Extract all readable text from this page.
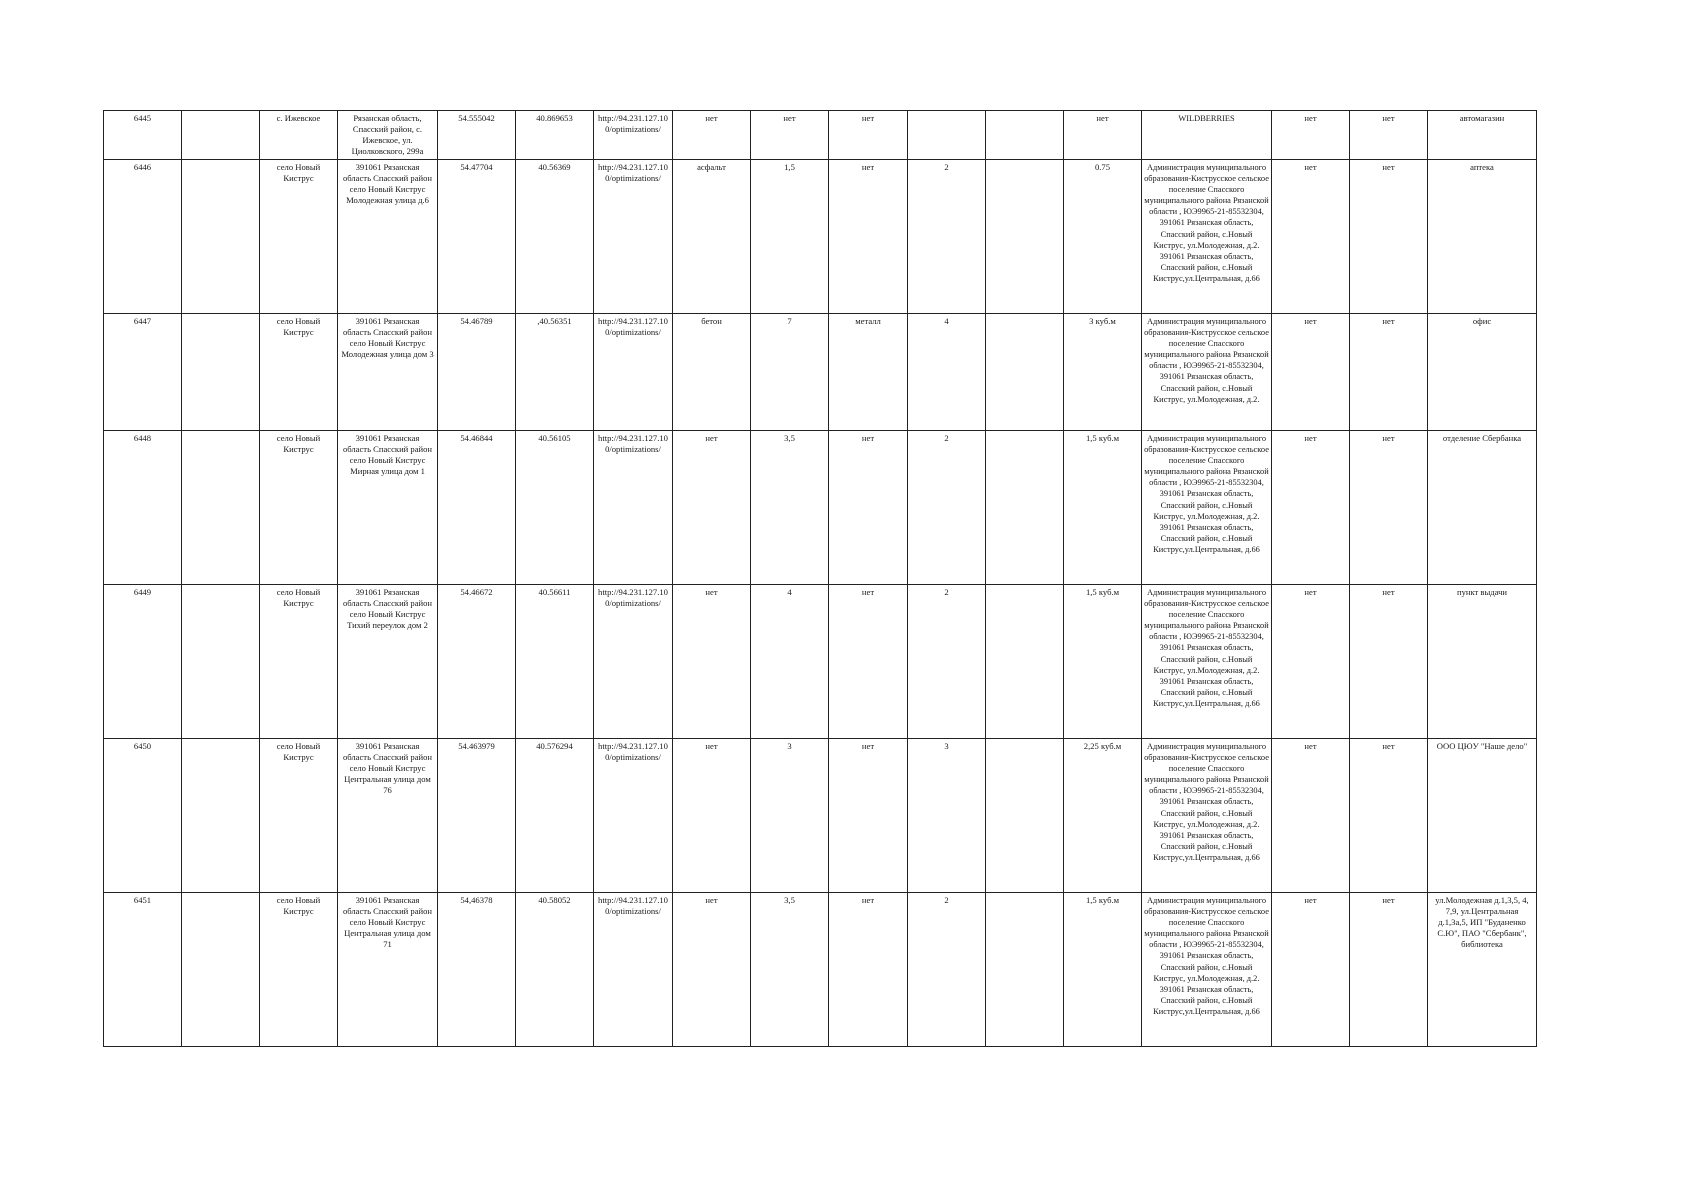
6445		с. Ижевское	Рязанская область, Спасский район, с. Ижевское, ул. Циолковского, 299а	54.555042	40.869653	http://94.231.127.100/optimizations/	нет	нет	нет			нет	WILDBERRIES	нет	нет	автомагазин
6446		село Новый Киструс	391061 Рязанская область Спасский район село Новый Киструс Молодежная улица д.6	54.47704	40.56369	http://94.231.127.100/optimizations/	асфальт	1,5	нет	2		0.75	Администрация муниципального образования-Киструсское сельское поселение Спасского муниципального района Рязанской области , ЮЭ9965-21-85532304, 391061 Рязанская область, Спасский район, с.Новый Киструс, ул.Молодежная, д.2. 391061 Рязанская область, Спасский район, с.Новый Киструс,ул.Центральная, д.66	нет	нет	аптека
6447		село Новый Киструс	391061 Рязанская область Спасский район село Новый Киструс Молодежная улица дом 3	54.46789	,40.56351	http://94.231.127.100/optimizations/	бетон	7	металл	4		3 куб.м	Администрация муниципального образования-Киструсское сельское поселение Спасского муниципального района Рязанской области , ЮЭ9965-21-85532304, 391061 Рязанская область, Спасский район, с.Новый Киструс, ул.Молодежная, д.2.	нет	нет	офис
6448		село Новый Киструс	391061 Рязанская область Спасский район село Новый Киструс Мирная улица дом 1	54.46844	40.56105	http://94.231.127.100/optimizations/	нет	3,5	нет	2		1,5 куб.м	Администрация муниципального образования-Киструсское сельское поселение Спасского муниципального района Рязанской области , ЮЭ9965-21-85532304, 391061 Рязанская область, Спасский район, с.Новый Киструс, ул.Молодежная, д.2. 391061 Рязанская область, Спасский район, с.Новый Киструс,ул.Центральная, д.66	нет	нет	отделение Сбербанка
6449		село Новый Киструс	391061 Рязанская область Спасский район село Новый Киструс Тихий переулок дом 2	54.46672	40.56611	http://94.231.127.100/optimizations/	нет	4	нет	2		1,5 куб.м	Администрация муниципального образования-Киструсское сельское поселение Спасского муниципального района Рязанской области , ЮЭ9965-21-85532304, 391061 Рязанская область, Спасский район, с.Новый Киструс, ул.Молодежная, д.2. 391061 Рязанская область, Спасский район, с.Новый Киструс,ул.Центральная, д.66	нет	нет	пункт выдачи
6450		село Новый Киструс	391061 Рязанская область Спасский район село Новый Киструс Центральная улица дом 76	54.463979	40.576294	http://94.231.127.100/optimizations/	нет	3	нет	3		2,25 куб.м	Администрация муниципального образования-Киструсское сельское поселение Спасского муниципального района Рязанской области , ЮЭ9965-21-85532304, 391061 Рязанская область, Спасский район, с.Новый Киструс, ул.Молодежная, д.2. 391061 Рязанская область, Спасский район, с.Новый Киструс,ул.Центральная, д.66	нет	нет	ООО ЦЮУ "Наше дело"
6451		село Новый Киструс	391061 Рязанская область Спасский район село Новый Киструс Центральная улица дом 71	54,46378	40.58052	http://94.231.127.100/optimizations/	нет	3,5	нет	2		1,5 куб.м	Администрация муниципального образования-Киструсское сельское поселение Спасского муниципального района Рязанской области , ЮЭ9965-21-85532304, 391061 Рязанская область, Спасский район, с.Новый Киструс, ул.Молодежная, д.2. 391061 Рязанская область, Спасский район, с.Новый Киструс,ул.Центральная, д.66	нет	нет	ул.Молодежная д.1,3,5, 4, 7,9, ул.Центральная д.1,3а,5, ИП "Буданенко С.Ю", ПАО "Сбербанк", библиотека
